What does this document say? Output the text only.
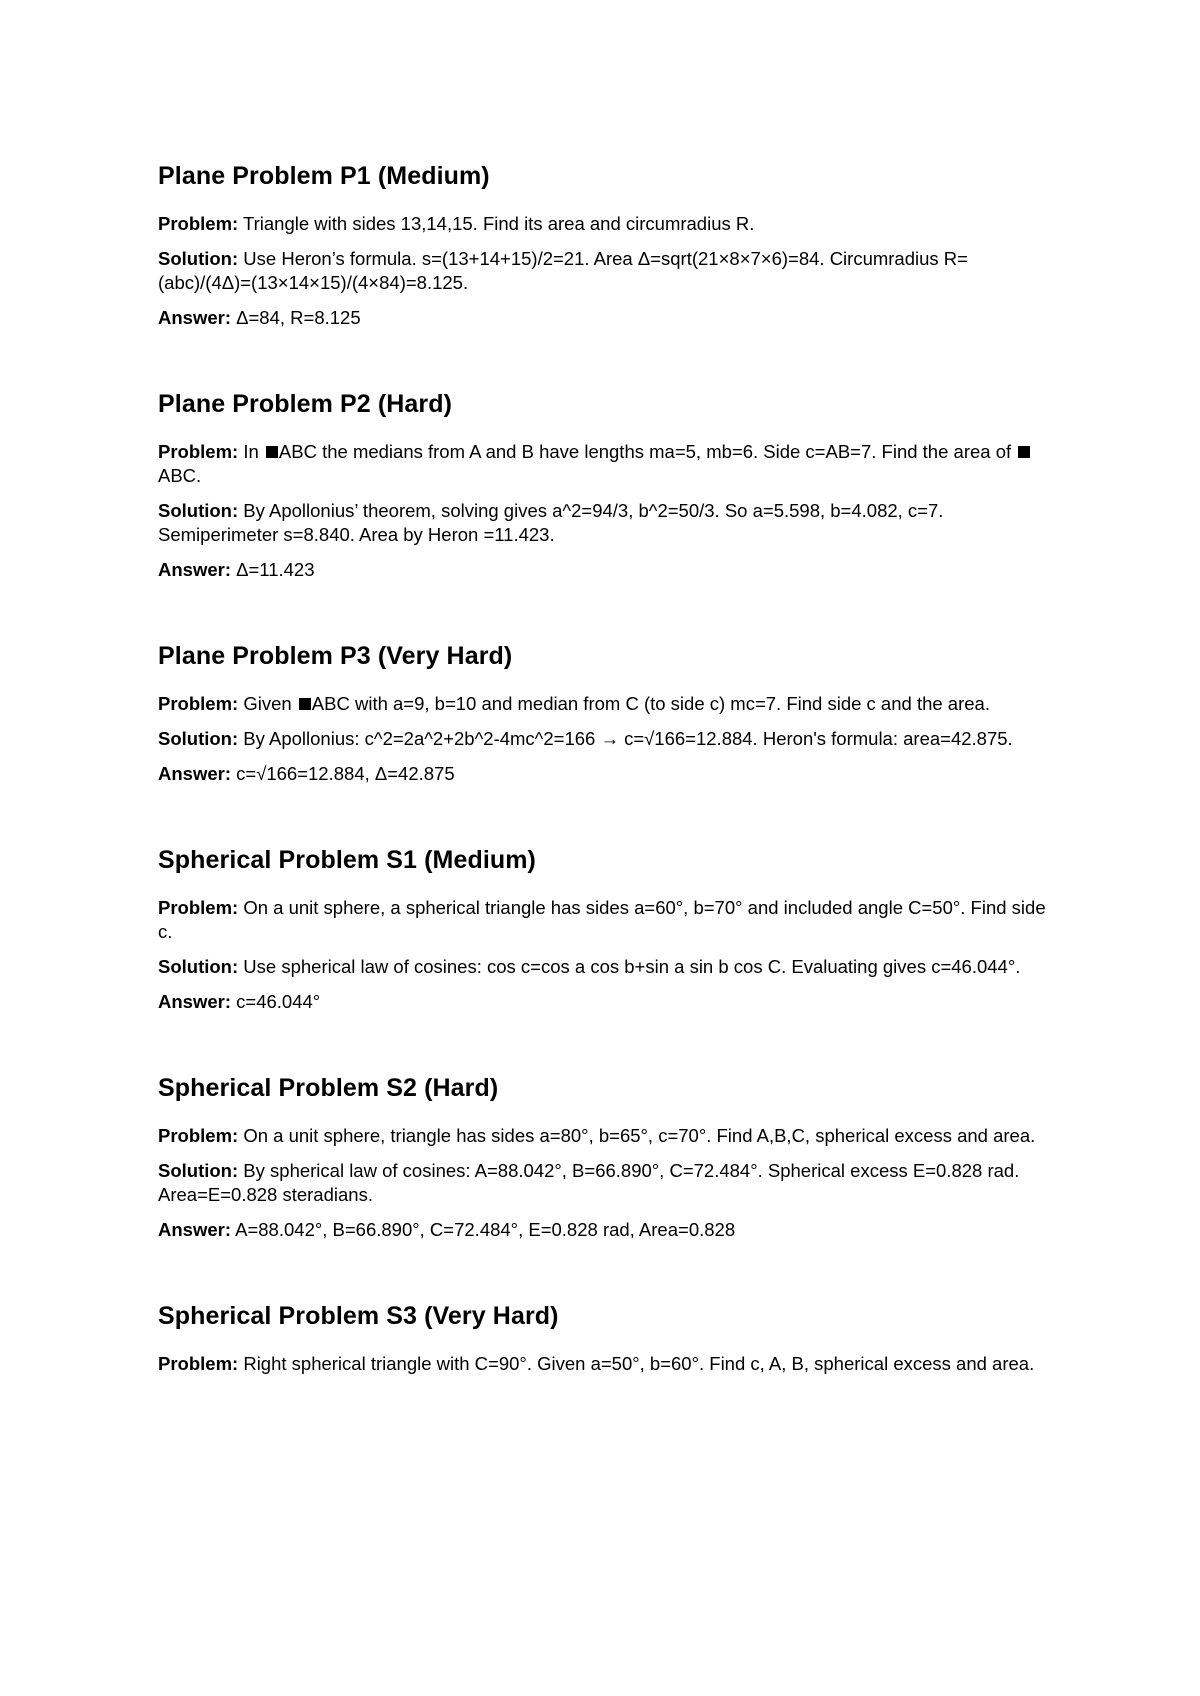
Plane Problem P1 (Medium)

Problem: Triangle with sides 13,14,15. Find its area and circumradius R.

Solution: Use Heron’s formula. s=(13+14+15)/2=21. Area Δ=sqrt(21×8×7×6)=84. Circumradius R=(abc)/(4Δ)=(13×14×15)/(4×84)=8.125.

Answer: Δ=84, R=8.125

Plane Problem P2 (Hard)

Problem: In ABC the medians from A and B have lengths ma=5, mb=6. Side c=AB=7. Find the area of ABC.

Solution: By Apollonius’ theorem, solving gives a^2=94/3, b^2=50/3. So a=5.598, b=4.082, c=7. Semiperimeter s=8.840. Area by Heron =11.423.

Answer: Δ=11.423

Plane Problem P3 (Very Hard)

Problem: Given ABC with a=9, b=10 and median from C (to side c) mc=7. Find side c and the area.

Solution: By Apollonius: c^2=2a^2+2b^2-4mc^2=166 → c=√166=12.884. Heron's formula: area=42.875.

Answer: c=√166=12.884, Δ=42.875

Spherical Problem S1 (Medium)

Problem: On a unit sphere, a spherical triangle has sides a=60°, b=70° and included angle C=50°. Find side c.

Solution: Use spherical law of cosines: cos c=cos a cos b+sin a sin b cos C. Evaluating gives c=46.044°.

Answer: c=46.044°

Spherical Problem S2 (Hard)

Problem: On a unit sphere, triangle has sides a=80°, b=65°, c=70°. Find A,B,C, spherical excess and area.

Solution: By spherical law of cosines: A=88.042°, B=66.890°, C=72.484°. Spherical excess E=0.828 rad. Area=E=0.828 steradians.

Answer: A=88.042°, B=66.890°, C=72.484°, E=0.828 rad, Area=0.828

Spherical Problem S3 (Very Hard)

Problem: Right spherical triangle with C=90°. Given a=50°, b=60°. Find c, A, B, spherical excess and area.
